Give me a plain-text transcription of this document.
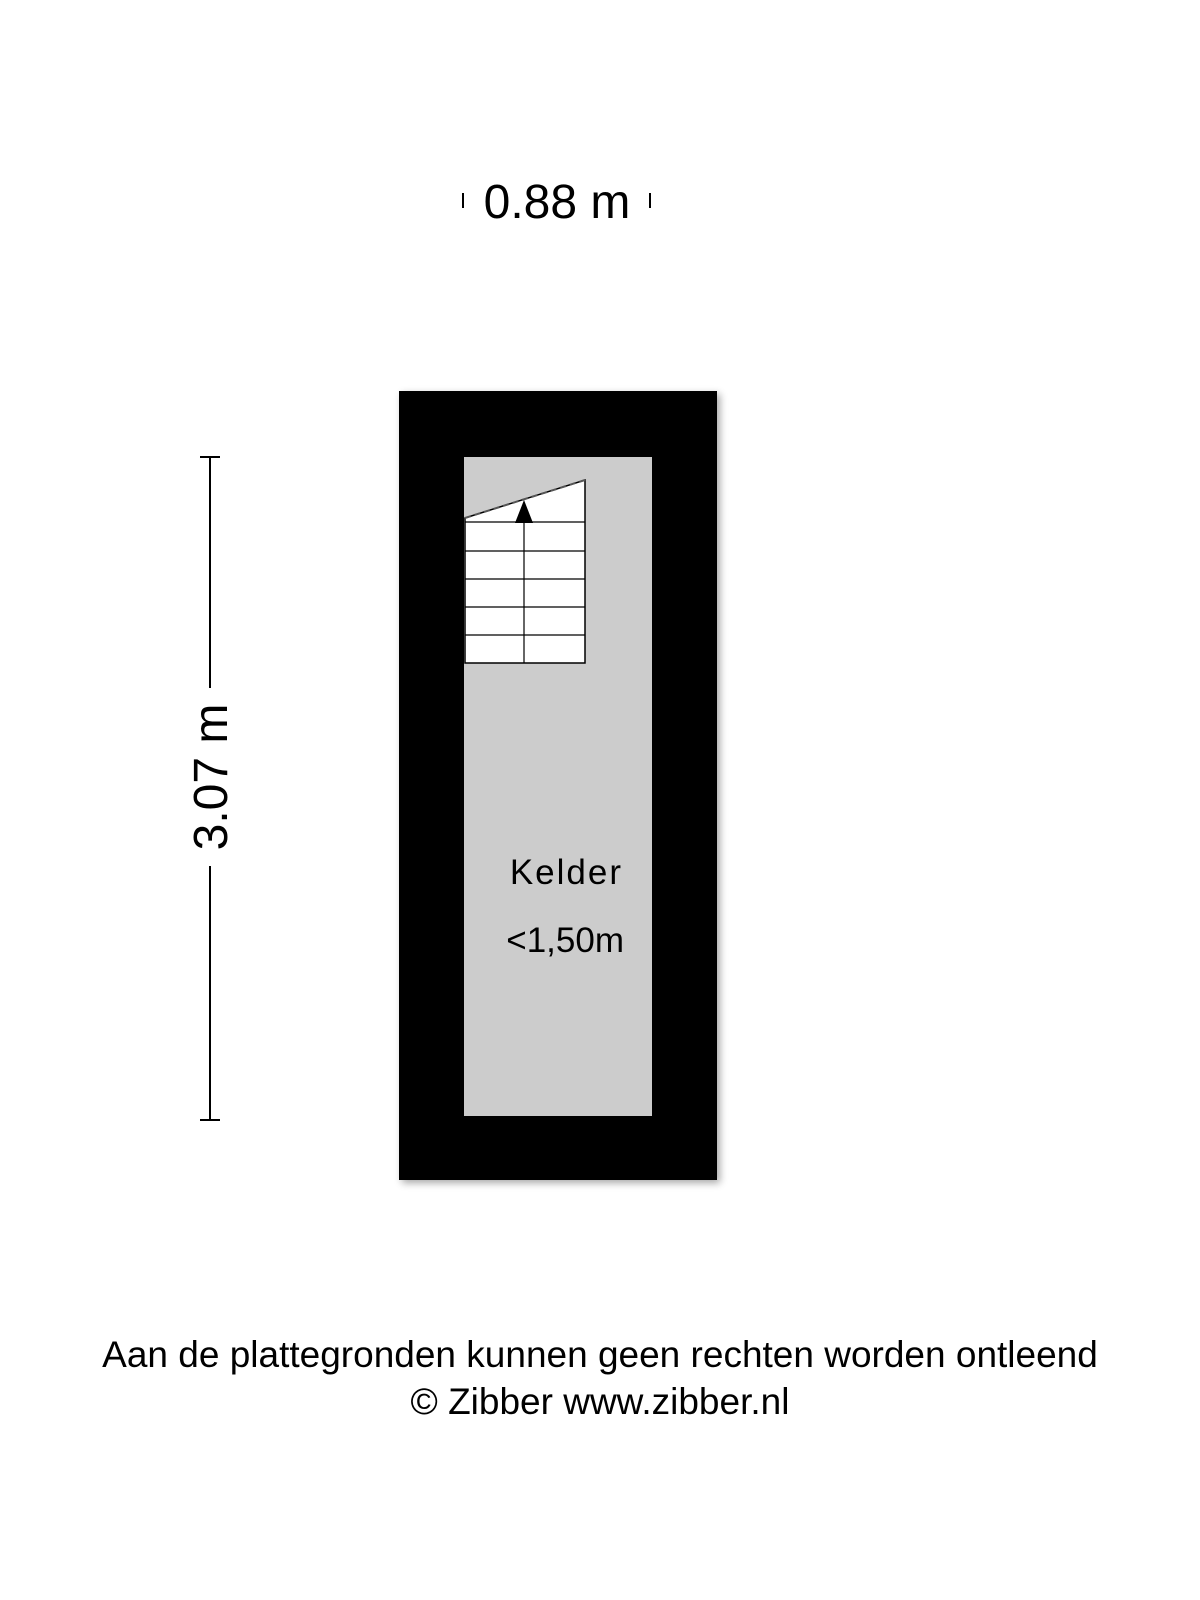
0.88 m
3.07 m
Kelder
<1,50m
Aan de plattegronden kunnen geen rechten worden ontleend
© Zibber www.zibber.nl
